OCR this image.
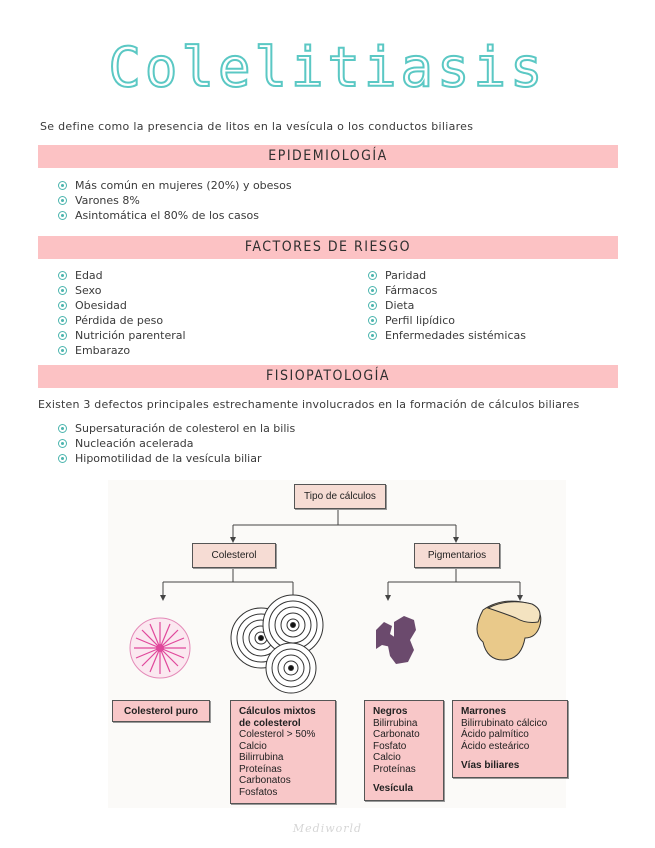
Colelitiasis
Se define como la presencia de litos en la vesícula o los conductos biliares
EPIDEMIOLOGÍA
Más común en mujeres (20%) y obesos
Varones 8%
Asintomática el 80% de los casos
FACTORES DE RIESGO
Edad
Sexo
Obesidad
Pérdida de peso
Nutrición parenteral
Embarazo
Paridad
Fármacos
Dieta
Perfil lipídico
Enfermedades sistémicas
FISIOPATOLOGÍA
Existen 3 defectos principales estrechamente involucrados en la formación de cálculos biliares
Supersaturación de colesterol en la bilis
Nucleación acelerada
Hipomotilidad de la vesícula biliar
Tipo de cálculos
Colesterol	Pigmentarios
Colesterol puro	Cálculos mixtos
de colesterol
Colesterol > 50%
Calcio
Bilirrubina
Proteínas
Carbonatos
Fosfatos
Negros
Bilirrubina
Carbonato
Fosfato
Calcio
Proteínas
Vesícula
Marrones
Bilirrubinato cálcico
Ácido palmítico
Ácido esteárico
Vías biliares
Mediworld
